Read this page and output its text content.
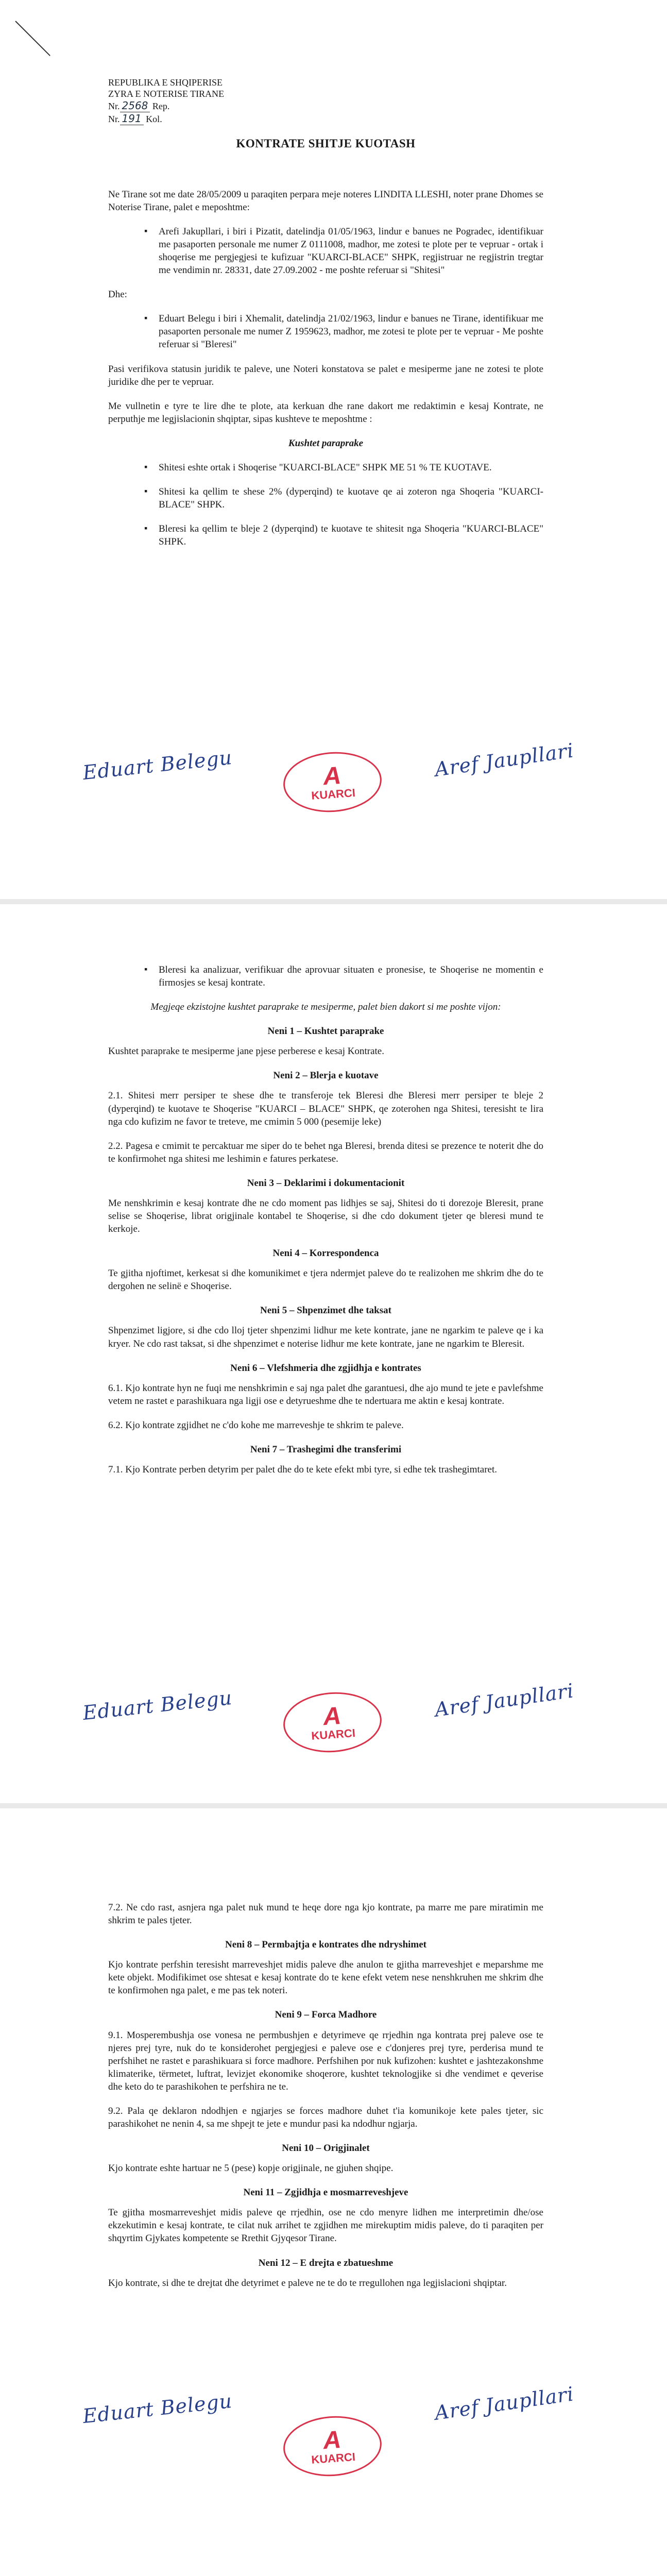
REPUBLIKA E SHQIPERISE
ZYRA E NOTERISE TIRANE
Nr. 2568 Rep.
Nr. 191 Kol.
KONTRATE SHITJE KUOTASH

Ne Tirane sot me date 28/05/2009 u paraqiten perpara meje noteres LINDITA LLESHI, noter prane Dhomes se Noterise Tirane, palet e meposhtme:

▪ Arefi Jakupllari, i biri i Pizatit, datelindja 01/05/1963, lindur e banues ne Pogradec, identifikuar me pasaporten personale me numer Z 0111008, madhor, me zotesi te plote per te vepruar - ortak i shoqerise me pergjegjesi te kufizuar "KUARCI-BLACE" SHPK, regjistruar ne regjistrin tregtar me vendimin nr. 28331, date 27.09.2002 - me poshte referuar si "Shitesi"

Dhe:

▪ Eduart Belegu i biri i Xhemalit, datelindja 21/02/1963, lindur e banues ne Tirane, identifikuar me pasaporten personale me numer Z 1959623, madhor, me zotesi te plote per te vepruar - Me poshte referuar si "Bleresi"

Pasi verifikova statusin juridik te paleve, une Noteri konstatova se palet e mesiperme jane ne zotesi te plote juridike dhe per te vepruar.

Me vullnetin e tyre te lire dhe te plote, ata kerkuan dhe rane dakort me redaktimin e kesaj Kontrate, ne perputhje me legjislacionin shqiptar, sipas kushteve te meposhtme :

Kushtet paraprake
▪ Shitesi eshte ortak i Shoqerise "KUARCI-BLACE" SHPK ME 51 % TE KUOTAVE.
▪ Shitesi ka qellim te shese 2% (dyperqind) te kuotave qe ai zoteron nga Shoqeria "KUARCI-BLACE" SHPK.
▪ Bleresi ka qellim te bleje 2 (dyperqind) te kuotave te shitesit nga Shoqeria "KUARCI-BLACE" SHPK.
Eduart Belegu	A
KUARCI
Aref Jaupllari
▪ Bleresi ka analizuar, verifikuar dhe aprovuar situaten e pronesise, te Shoqerise ne momentin e firmosjes se kesaj kontrate.
Megjeqe ekzistojne kushtet paraprake te mesiperme, palet bien dakort si me poshte vijon:
Neni 1 – Kushtet paraprake

Kushtet paraprake te mesiperme jane pjese perberese e kesaj Kontrate.

Neni 2 – Blerja e kuotave

2.1. Shitesi merr persiper te shese dhe te transferoje tek Bleresi dhe Bleresi merr persiper te bleje 2 (dyperqind) te kuotave te Shoqerise "KUARCI – BLACE" SHPK, qe zoterohen nga Shitesi, teresisht te lira nga cdo kufizim ne favor te treteve, me cmimin 5 000 (pesemije leke)

2.2. Pagesa e cmimit te percaktuar me siper do te behet nga Bleresi, brenda ditesi se prezence te noterit dhe do te konfirmohet nga shitesi me leshimin e fatures perkatese.

Neni 3 – Deklarimi i dokumentacionit

Me nenshkrimin e kesaj kontrate dhe ne cdo moment pas lidhjes se saj, Shitesi do ti dorezoje Bleresit, prane selise se Shoqerise, librat origjinale kontabel te Shoqerise, si dhe cdo dokument tjeter qe bleresi mund te kerkoje.

Neni 4 – Korrespondenca

Te gjitha njoftimet, kerkesat si dhe komunikimet e tjera ndermjet paleve do te realizohen me shkrim dhe do te dergohen ne selinë e Shoqerise.

Neni 5 – Shpenzimet dhe taksat

Shpenzimet ligjore, si dhe cdo lloj tjeter shpenzimi lidhur me kete kontrate, jane ne ngarkim te paleve qe i ka kryer. Ne cdo rast taksat, si dhe shpenzimet e noterise lidhur me kete kontrate, jane ne ngarkim te Bleresit.

Neni 6 – Vlefshmeria dhe zgjidhja e kontrates

6.1. Kjo kontrate hyn ne fuqi me nenshkrimin e saj nga palet dhe garantuesi, dhe ajo mund te jete e pavlefshme vetem ne rastet e parashikuara nga ligji ose e detyrueshme dhe te ndertuara me aktin e kesaj kontrate.

6.2. Kjo kontrate zgjidhet ne c'do kohe me marreveshje te shkrim te paleve.

Neni 7 – Trashegimi dhe transferimi

7.1. Kjo Kontrate perben detyrim per palet dhe do te kete efekt mbi tyre, si edhe tek trashegimtaret.

Eduart Belegu	A
KUARCI
Aref Jaupllari

7.2. Ne cdo rast, asnjera nga palet nuk mund te heqe dore nga kjo kontrate, pa marre me pare miratimin me shkrim te pales tjeter.

Neni 8 – Permbajtja e kontrates dhe ndryshimet

Kjo kontrate perfshin teresisht marreveshjet midis paleve dhe anulon te gjitha marreveshjet e meparshme me kete objekt. Modifikimet ose shtesat e kesaj kontrate do te kene efekt vetem nese nenshkruhen me shkrim dhe te konfirmohen nga palet, e me pas tek noteri.

Neni 9 – Forca Madhore

9.1. Mosperembushja ose vonesa ne permbushjen e detyrimeve qe rrjedhin nga kontrata prej paleve ose te njeres prej tyre, nuk do te konsiderohet pergjegjesi e paleve ose e c'donjeres prej tyre, perderisa mund te perfshihet ne rastet e parashikuara si force madhore. Perfshihen por nuk kufizohen: kushtet e jashtezakonshme klimaterike, tërmetet, luftrat, levizjet ekonomike shoqerore, kushtet teknologjike si dhe vendimet e qeverise dhe keto do te parashikohen te perfshira ne te.

9.2. Pala qe deklaron ndodhjen e ngjarjes se forces madhore duhet t'ia komunikoje kete pales tjeter, sic parashikohet ne nenin 4, sa me shpejt te jete e mundur pasi ka ndodhur ngjarja.

Neni 10 – Origjinalet

Kjo kontrate eshte hartuar ne 5 (pese) kopje origjinale, ne gjuhen shqipe.

Neni 11 – Zgjidhja e mosmarreveshjeve

Te gjitha mosmarreveshjet midis paleve qe rrjedhin, ose ne cdo menyre lidhen me interpretimin dhe/ose ekzekutimin e kesaj kontrate, te cilat nuk arrihet te zgjidhen me mirekuptim midis paleve, do ti paraqiten per shqyrtim Gjykates kompetente se Rrethit Gjyqesor Tirane.

Neni 12 – E drejta e zbatueshme

Kjo kontrate, si dhe te drejtat dhe detyrimet e paleve ne te do te rregullohen nga legjislacioni shqiptar.

Eduart Belegu
A
KUARCI
Aref Jaupllari
